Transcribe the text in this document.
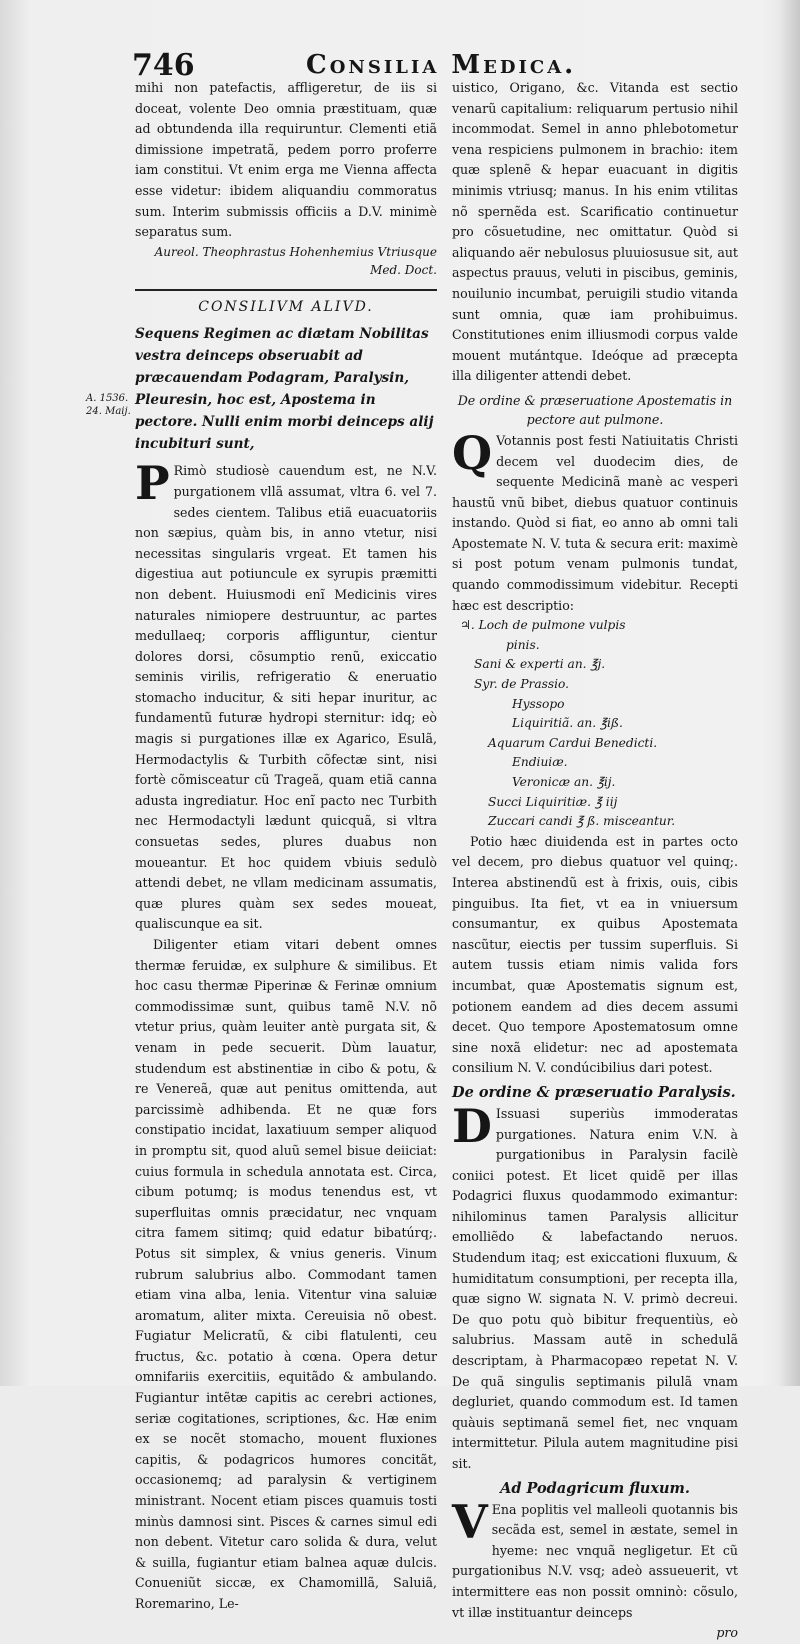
746	Consilia Medica.
A. 1536.
24. Maij.

mihi non patefactis, affligeretur, de iis si doceat, volente Deo omnia præstituam, quæ ad obtundenda illa requiruntur. Clementi etiã dimissione impetratã, pedem porro proferre iam constitui. Vt enim erga me Vienna affecta esse videtur: ibidem aliquandiu commoratus sum. Interim submissis officiis a D.V. minimè separatus sum.

Aureol. Theophrastus Hohenhemius Vtriusque
Med. Doct.
CONSILIVM ALIVD.
Sequens Regimen ac diætam Nobilitas vestra deinceps obseruabit ad præcauendam Podagram, Paralysin, Pleuresin, hoc est, Apostema in pectore. Nulli enim morbi deinceps alij incubituri sunt,

P Rimò studiosè cauendum est, ne N.V. purgationem vllã assumat, vltra 6. vel 7. sedes cientem. Talibus etiã euacuatoriis non sæpius, quàm bis, in anno vtetur, nisi necessitas singularis vrgeat. Et tamen his digestiua aut potiuncule ex syrupis præmitti non debent. Huiusmodi enĩ Medicinis vires naturales nimiopere destruuntur, ac partes medullaeq; corporis affliguntur, cientur dolores dorsi, cõsumptio renũ, exiccatio seminis virilis, refrigeratio & eneruatio stomacho inducitur, & siti hepar inuritur, ac fundamentũ futuræ hydropi sternitur: idq; eò magis si purgationes illæ ex Agarico, Esulã, Hermodactylis & Turbith cõfectæ sint, nisi fortè cõmisceatur cũ Trageã, quam etiã canna adusta ingrediatur. Hoc enĩ pacto nec Turbith nec Hermodactyli lædunt quicquã, si vltra consuetas sedes, plures duabus non moueantur. Et hoc quidem vbiuis sedulò attendi debet, ne vllam medicinam assumatis, quæ plures quàm sex sedes moueat, qualiscunque ea sit.

Diligenter etiam vitari debent omnes thermæ feruidæ, ex sulphure & similibus. Et hoc casu thermæ Piperinæ & Ferinæ omnium commodissimæ sunt, quibus tamẽ N.V. nõ vtetur prius, quàm leuiter antè purgata sit, & venam in pede secuerit. Dùm lauatur, studendum est abstinentiæ in cibo & potu, & re Venereã, quæ aut penitus omittenda, aut parcissimè adhibenda. Et ne quæ fors constipatio incidat, laxatiuum semper aliquod in promptu sit, quod aluũ semel bisue deiiciat: cuius formula in schedula annotata est. Circa, cibum potumq; is modus tenendus est, vt superfluitas omnis præcidatur, nec vnquam citra famem sitimq; quid edatur bibatúrq;. Potus sit simplex, & vnius generis. Vinum rubrum salubrius albo. Commodant tamen etiam vina alba, lenia. Vitentur vina saluiæ aromatum, aliter mixta. Cereuisia nõ obest. Fugiatur Melicratũ, & cibi flatulenti, ceu fructus, &c. potatio à cœna. Opera detur omnifariis exercitiis, equitãdo & ambulando. Fugiantur intẽtæ capitis ac cerebri actiones, seriæ cogitationes, scriptiones, &c. Hæ enim ex se nocẽt stomacho, mouent fluxiones capitis, & podagricos humores concitãt, occasionemq; ad paralysin & vertiginem ministrant. Nocent etiam pisces quamuis tosti minùs damnosi sint. Pisces & carnes simul edi non debent. Vitetur caro solida & dura, velut & suilla, fugiantur etiam balnea aquæ dulcis. Conueniũt siccæ, ex Chamomillã, Saluiã, Roremarino, Le-

uistico, Origano, &c. Vitanda est sectio venarũ capitalium: reliquarum pertusio nihil incommodat. Semel in anno phlebotometur vena respiciens pulmonem in brachio: item quæ splenẽ & hepar euacuant in digitis minimis vtriusq; manus. In his enim vtilitas nõ spernẽda est. Scarificatio continuetur pro cõsuetudine, nec omittatur. Quòd si aliquando aër nebulosus pluuiosusue sit, aut aspectus prauus, veluti in piscibus, geminis, nouilunio incumbat, peruigili studio vitanda sunt omnia, quæ iam prohibuimus. Constitutiones enim illiusmodi corpus valde mouent mutántque. Ideóque ad præcepta illa diligenter attendi debet.

De ordine & præseruatione Apostematis in pectore aut pulmone.

Q Votannis post festi Natiuitatis Christi decem vel duodecim dies, de sequente Medicinã manè ac vesperi haustũ vnũ bibet, diebus quatuor continuis instando. Quòd si fiat, eo anno ab omni tali Apostemate N. V. tuta & secura erit: maximè si post potum venam pulmonis tundat, quando commodissimum videbitur. Recepti hæc est descriptio:

♃. Loch de pulmone vulpis
pinis.
Sani & experti an. ℥j.
Syr. de Prassio.
Hyssopo
Liquiritiã. an. ℥iß.
Aquarum Cardui Benedicti.
Endiuiæ.
Veronicæ an. ℥ij.
Succi Liquiritiæ. ℥ iij
Zuccari candi ℥ ß. misceantur.

Potio hæc diuidenda est in partes octo vel decem, pro diebus quatuor vel quinq;. Interea abstinendũ est à frixis, ouis, cibis pinguibus. Ita fiet, vt ea in vniuersum consumantur, ex quibus Apostemata nascũtur, eiectis per tussim superfluis. Si autem tussis etiam nimis valida fors incumbat, quæ Apostematis signum est, potionem eandem ad dies decem assumi decet. Quo tempore Apostematosum omne sine noxã elidetur: nec ad apostemata consilium N. V. condúcibilius dari potest.

De ordine & præseruatio Paralysis.

D Issuasi superiùs immoderatas purgationes. Natura enim V.N. à purgationibus in Paralysin facilè coniici potest. Et licet quidẽ per illas Podagrici fluxus quodammodo eximantur: nihilominus tamen Paralysis allicitur emolliẽdo & labefactando neruos. Studendum itaq; est exiccationi fluxuum, & humiditatum consumptioni, per recepta illa, quæ signo W. signata N. V. primò decreui. De quo potu quò bibitur frequentiùs, eò salubrius. Massam autẽ in schedulã descriptam, à Pharmacopæo repetat N. V. De quã singulis septimanis pilulã vnam degluriet, quando commodum est. Id tamen quàuis septimanã semel fiet, nec vnquam intermittetur. Pilula autem magnitudine pisi sit.

Ad Podagricum fluxum.

V Ena poplitis vel malleoli quotannis bis secãda est, semel in æstate, semel in hyeme: nec vnquã negligetur. Et cũ purgationibus N.V. vsq; adeò assueuerit, vt intermittere eas non possit omninò: cõsulo, vt illæ instituantur deinceps

pro
